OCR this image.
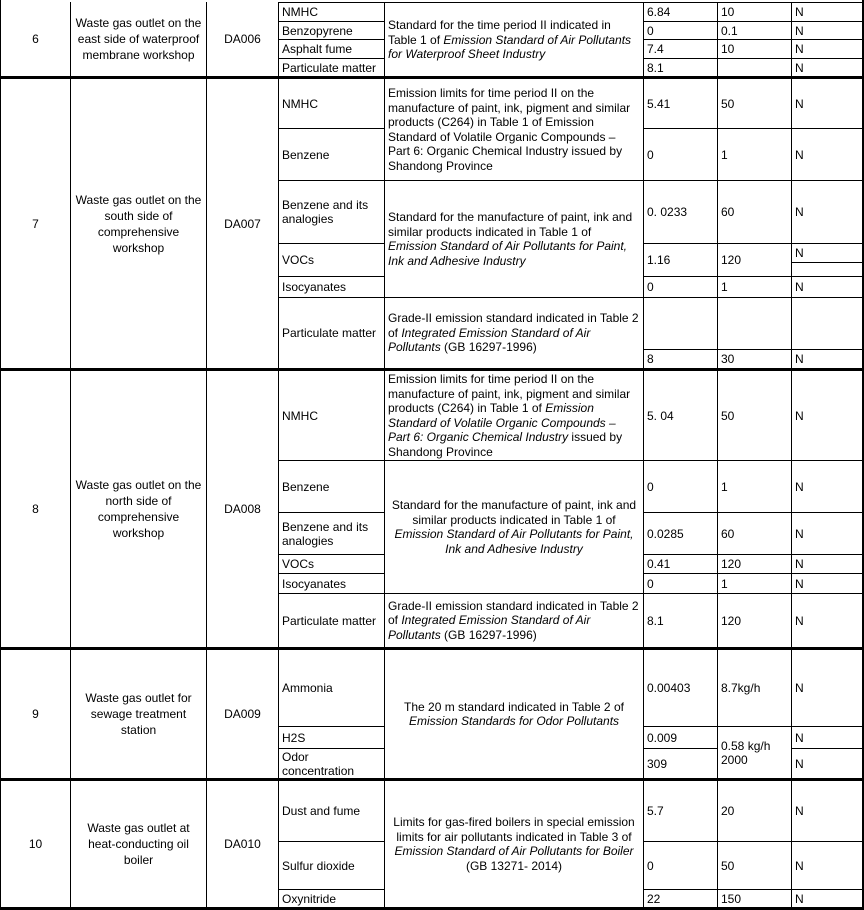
6
Waste gas outlet on the east side of waterproof membrane workshop
DA006
NMHC
Benzopyrene
Asphalt fume
Particulate matter
Standard for the time period II indicated in Table 1 of Emission Standard of Air Pollutants for Waterproof Sheet Industry
6.84
0
7.4
8.1
10
0.1
10
N
N
N
N
7
Waste gas outlet on the south side of comprehensive workshop
DA007
NMHC
Benzene
Benzene and its analogies
VOCs
Isocyanates
Particulate matter
Emission limits for time period II on the manufacture of paint, ink, pigment and similar products (C264) in Table 1 of Emission Standard of Volatile Organic Compounds – Part 6: Organic Chemical Industry issued by Shandong Province
Standard for the manufacture of paint, ink and similar products indicated in Table 1 of Emission Standard of Air Pollutants for Paint, Ink and Adhesive Industry
Grade-II emission standard indicated in Table 2 of Integrated Emission Standard of Air Pollutants (GB 16297-1996)
5.41
0
0. 0233
1.16
0
8
50
1
60
120
1
30
N
N
N
N
N
N
8
Waste gas outlet on the north side of comprehensive workshop
DA008
NMHC
Benzene
Benzene and its analogies
VOCs
Isocyanates
Particulate matter
Emission limits for time period II on the manufacture of paint, ink, pigment and similar products (C264) in Table 1 of Emission Standard of Volatile Organic Compounds – Part 6: Organic Chemical Industry issued by Shandong Province
Standard for the manufacture of paint, ink and similar products indicated in Table 1 of Emission Standard of Air Pollutants for Paint, Ink and Adhesive Industry
Grade-II emission standard indicated in Table 2 of Integrated Emission Standard of Air Pollutants (GB 16297-1996)
5. 04
0
0.0285
0.41
0
8.1
50
1
60
120
1
120
N
N
N
N
N
N
9
Waste gas outlet for sewage treatment station
DA009
Ammonia
H2S
Odor concentration
The 20 m standard indicated in Table 2 of Emission Standards for Odor Pollutants
0.00403
0.009
309
8.7kg/h
0.58 kg/h 2000
N
N
N
10
Waste gas outlet at heat-conducting oil boiler
DA010
Dust and fume
Sulfur dioxide
Oxynitride
Limits for gas-fired boilers in special emission limits for air pollutants indicated in Table 3 of Emission Standard of Air Pollutants for Boiler (GB 13271- 2014)
5.7
0
22
20
50
150
N
N
N
